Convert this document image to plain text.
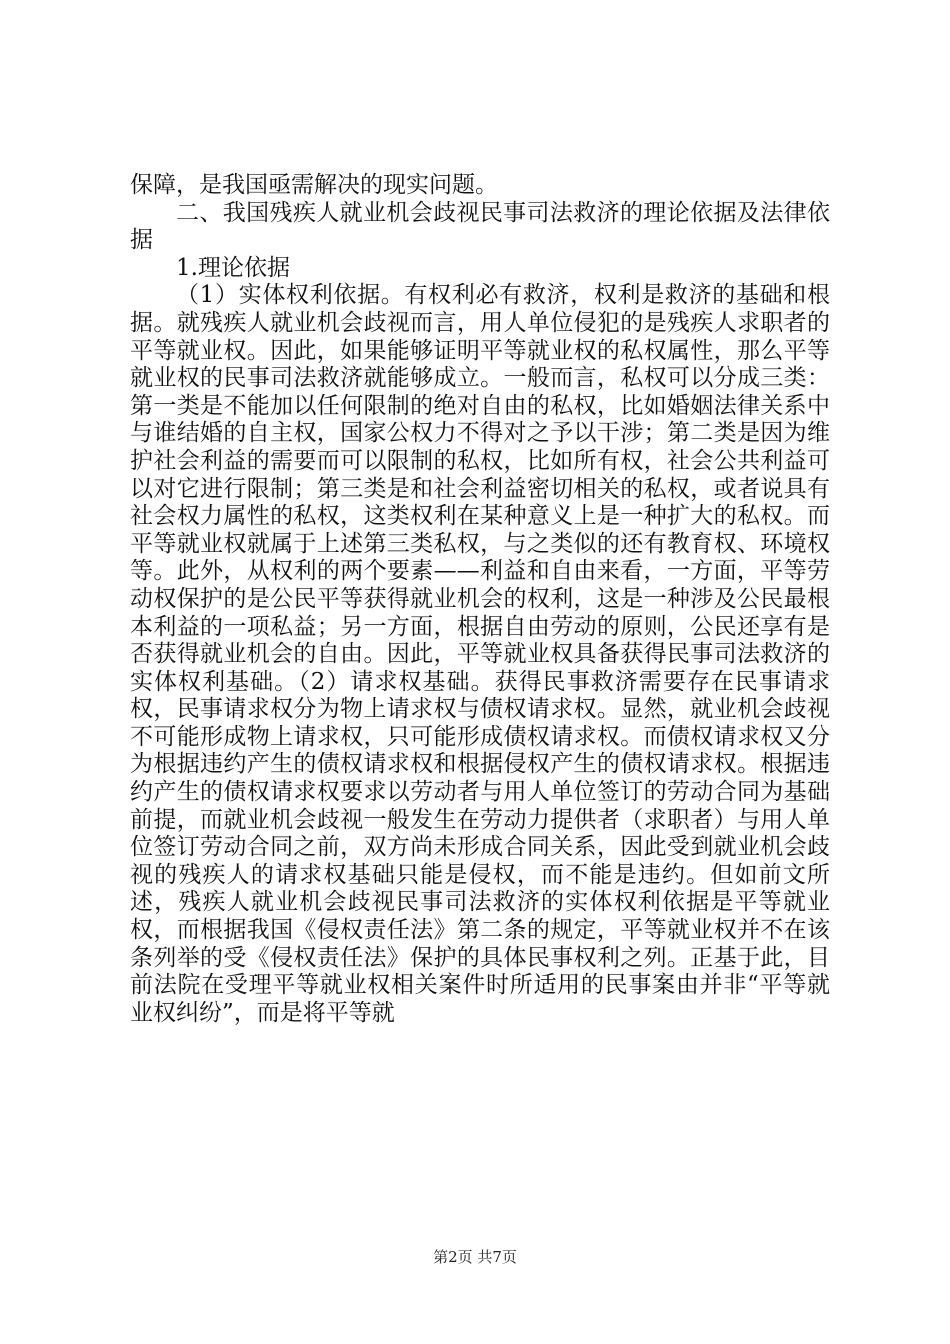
保障，是我国亟需解决的现实问题。

二、我国残疾人就业机会歧视民事司法救济的理论依据及法律依据

1.理论依据

（1）实体权利依据。有权利必有救济，权利是救济的基础和根据。就残疾人就业机会歧视而言，用人单位侵犯的是残疾人求职者的平等就业权。因此，如果能够证明平等就业权的私权属性，那么平等就业权的民事司法救济就能够成立。一般而言，私权可以分成三类：第一类是不能加以任何限制的绝对自由的私权，比如婚姻法律关系中与谁结婚的自主权，国家公权力不得对之予以干涉；第二类是因为维护社会利益的需要而可以限制的私权，比如所有权，社会公共利益可以对它进行限制；第三类是和社会利益密切相关的私权，或者说具有社会权力属性的私权，这类权利在某种意义上是一种扩大的私权。而平等就业权就属于上述第三类私权，与之类似的还有教育权、环境权等。此外，从权利的两个要素——利益和自由来看，一方面，平等劳动权保护的是公民平等获得就业机会的权利，这是一种涉及公民最根本利益的一项私益；另一方面，根据自由劳动的原则，公民还享有是否获得就业机会的自由。因此，平等就业权具备获得民事司法救济的实体权利基础。（2）请求权基础。获得民事救济需要存在民事请求权，民事请求权分为物上请求权与债权请求权。显然，就业机会歧视不可能形成物上请求权，只可能形成债权请求权。而债权请求权又分为根据违约产生的债权请求权和根据侵权产生的债权请求权。根据违约产生的债权请求权要求以劳动者与用人单位签订的劳动合同为基础前提，而就业机会歧视一般发生在劳动力提供者（求职者）与用人单位签订劳动合同之前，双方尚未形成合同关系，因此受到就业机会歧视的残疾人的请求权基础只能是侵权，而不能是违约。但如前文所述，残疾人就业机会歧视民事司法救济的实体权利依据是平等就业权，而根据我国《侵权责任法》第二条的规定，平等就业权并不在该条列举的受《侵权责任法》保护的具体民事权利之列。正基于此，目前法院在受理平等就业权相关案件时所适用的民事案由并非“平等就业权纠纷”，而是将平等就

第2页 共7页
